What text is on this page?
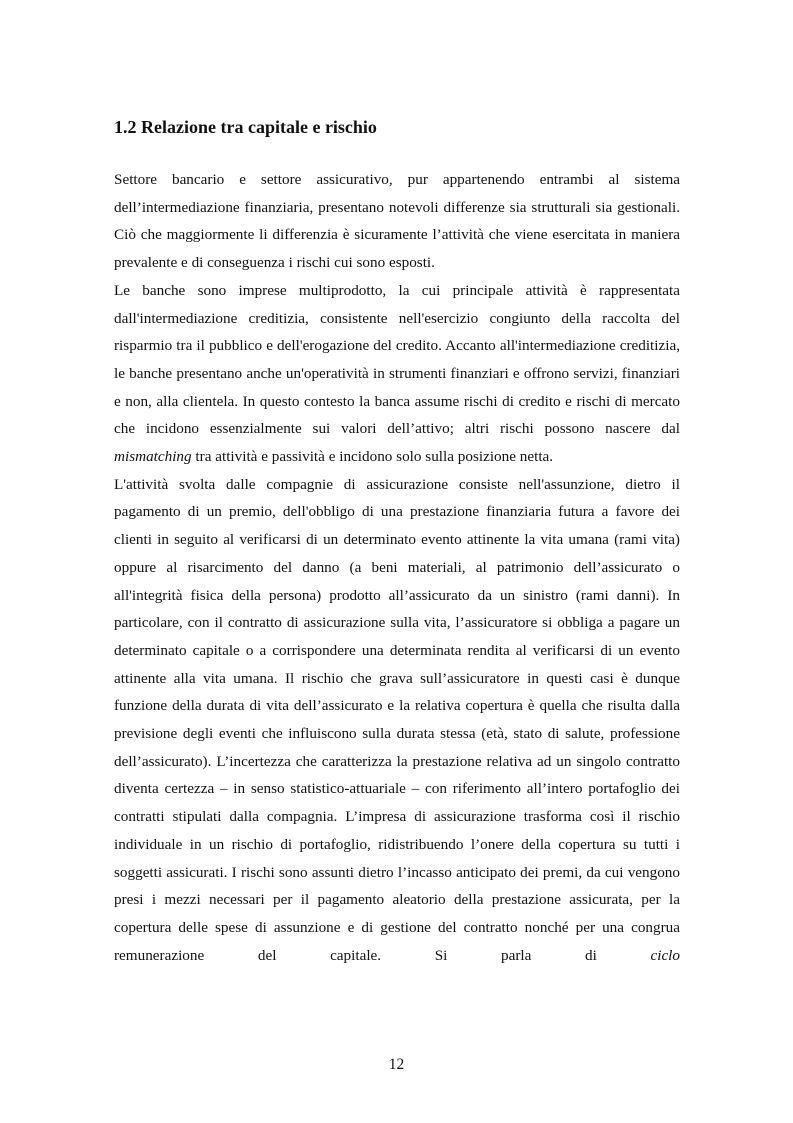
1.2 Relazione tra capitale e rischio

Settore bancario e settore assicurativo, pur appartenendo entrambi al sistema dell’intermediazione finanziaria, presentano notevoli differenze sia strutturali sia gestionali. Ciò che maggiormente li differenzia è sicuramente l’attività che viene esercitata in maniera prevalente e di conseguenza i rischi cui sono esposti.

Le banche sono imprese multiprodotto, la cui principale attività è rappresentata dall'intermediazione creditizia, consistente nell'esercizio congiunto della raccolta del risparmio tra il pubblico e dell'erogazione del credito. Accanto all'intermediazione creditizia, le banche presentano anche un'operatività in strumenti finanziari e offrono servizi, finanziari e non, alla clientela. In questo contesto la banca assume rischi di credito e rischi di mercato che incidono essenzialmente sui valori dell’attivo; altri rischi possono nascere dal mismatching tra attività e passività e incidono solo sulla posizione netta.

L'attività svolta dalle compagnie di assicurazione consiste nell'assunzione, dietro il pagamento di un premio, dell'obbligo di una prestazione finanziaria futura a favore dei clienti in seguito al verificarsi di un determinato evento attinente la vita umana (rami vita) oppure al risarcimento del danno (a beni materiali, al patrimonio dell’assicurato o all'integrità fisica della persona) prodotto all’assicurato da un sinistro (rami danni). In particolare, con il contratto di assicurazione sulla vita, l’assicuratore si obbliga a pagare un determinato capitale o a corrispondere una determinata rendita al verificarsi di un evento attinente alla vita umana. Il rischio che grava sull’assicuratore in questi casi è dunque funzione della durata di vita dell’assicurato e la relativa copertura è quella che risulta dalla previsione degli eventi che influiscono sulla durata stessa (età, stato di salute, professione dell’assicurato). L’incertezza che caratterizza la prestazione relativa ad un singolo contratto diventa certezza – in senso statistico-attuariale – con riferimento all’intero portafoglio dei contratti stipulati dalla compagnia. L’impresa di assicurazione trasforma così il rischio individuale in un rischio di portafoglio, ridistribuendo l’onere della copertura su tutti i soggetti assicurati. I rischi sono assunti dietro l’incasso anticipato dei premi, da cui vengono presi i mezzi necessari per il pagamento aleatorio della prestazione assicurata, per la copertura delle spese di assunzione e di gestione del contratto nonché per una congrua remunerazione del capitale. Si parla di ciclo

12
